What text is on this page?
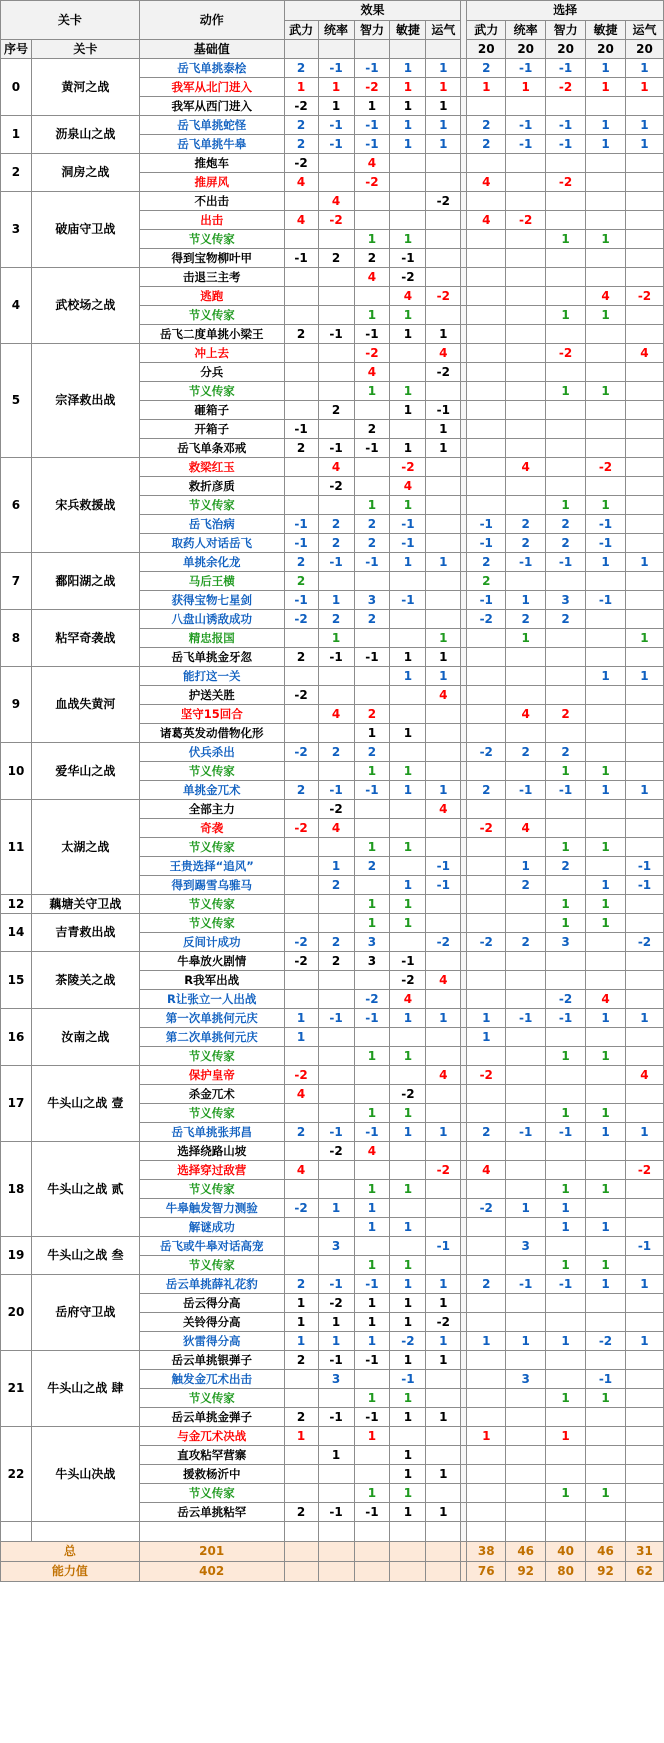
关卡		动作	效果						选择				
			武力	统率	智力	敏捷	运气		武力	统率	智力	敏捷	运气
序号	关卡	基础值							20	20	20	20	20
0	黄河之战	岳飞单挑泰桧	2	-1	-1	1	1		2	-1	-1	1	1
		我军从北门进入	1	1	-2	1	1		1	1	-2	1	1
		我军从西门进入	-2	1	1	1	1						
1	沥泉山之战	岳飞单挑蛇怪	2	-1	-1	1	1		2	-1	-1	1	1
		岳飞单挑牛皋	2	-1	-1	1	1		2	-1	-1	1	1
2	洞房之战	推炮车	-2		4								
		推屏风	4		-2				4		-2		
3	破庙守卫战	不出击		4			-2						
		出击	4	-2					4	-2			
		节义传家			1	1					1	1	
		得到宝物柳叶甲	-1	2	2	-1							
4	武校场之战	击退三主考			4	-2							
		逃跑				4	-2					4	-2
		节义传家			1	1					1	1	
		岳飞二度单挑小梁王	2	-1	-1	1	1						
5	宗泽救出战	冲上去			-2		4				-2		4
		分兵			4		-2						
		节义传家			1	1					1	1	
		砸箱子		2		1	-1						
		开箱子	-1		2		1						
		岳飞单条邓戒	2	-1	-1	1	1						
6	宋兵救援战	救梁红玉		4		-2				4		-2	
		救折彦质		-2		4							
		节义传家			1	1					1	1	
		岳飞治病	-1	2	2	-1			-1	2	2	-1	
		取药人对话岳飞	-1	2	2	-1			-1	2	2	-1	
7	鄱阳湖之战	单挑余化龙	2	-1	-1	1	1		2	-1	-1	1	1
		马后王横	2						2				
		获得宝物七星剑	-1	1	3	-1			-1	1	3	-1	
8	粘罕奇袭战	八盘山诱敌成功	-2	2	2				-2	2	2		
		精忠报国		1			1			1			1
		岳飞单挑金牙忽	2	-1	-1	1	1						
9	血战失黄河	能打这一关				1	1					1	1
		护送关胜	-2				4						
		坚守15回合		4	2					4	2		
		诸葛英发动借物化形			1	1							
10	爱华山之战	伏兵杀出	-2	2	2				-2	2	2		
		节义传家			1	1					1	1	
		单挑金兀术	2	-1	-1	1	1		2	-1	-1	1	1
11	太湖之战	全部主力		-2			4						
		奇袭	-2	4					-2	4			
		节义传家			1	1					1	1	
		王贵选择“追风”		1	2		-1			1	2		-1
		得到踢雪乌骓马		2		1	-1			2		1	-1
12	藕塘关守卫战	节义传家			1	1					1	1	
14	吉青救出战	节义传家			1	1					1	1	
		反间计成功	-2	2	3		-2		-2	2	3		-2
15	茶陵关之战	牛皋放火剧情	-2	2	3	-1							
		R我军出战				-2	4						
		R让张立一人出战			-2	4					-2	4	
16	汝南之战	第一次单挑何元庆	1	-1	-1	1	1		1	-1	-1	1	1
		第二次单挑何元庆	1						1				
		节义传家			1	1					1	1	
17	牛头山之战 壹	保护皇帝	-2				4		-2				4
		杀金兀术	4			-2							
		节义传家			1	1					1	1	
		岳飞单挑张邦昌	2	-1	-1	1	1		2	-1	-1	1	1
18	牛头山之战 贰	选择绕路山坡		-2	4								
		选择穿过敌营	4				-2		4				-2
		节义传家			1	1					1	1	
		牛皋触发智力测验	-2	1	1				-2	1	1		
		解谜成功			1	1					1	1	
19	牛头山之战 叁	岳飞或牛皋对话高宠		3			-1			3			-1
		节义传家			1	1					1	1	
20	岳府守卫战	岳云单挑薛礼花豹	2	-1	-1	1	1		2	-1	-1	1	1
		岳云得分高	1	-2	1	1	1						
		关铃得分高	1	1	1	1	-2						
		狄雷得分高	1	1	1	-2	1		1	1	1	-2	1
21	牛头山之战 肆	岳云单挑银弹子	2	-1	-1	1	1						
		触发金兀术出击		3		-1				3		-1	
		节义传家			1	1					1	1	
		岳云单挑金弹子	2	-1	-1	1	1						
22	牛头山决战	与金兀术决战	1		1				1		1		
		直攻粘罕营寨		1		1							
		援救杨沂中				1	1						
		节义传家			1	1					1	1	
		岳云单挑粘罕	2	-1	-1	1	1						

总		201							38	46	40	46	31
能力值		402							76	92	80	92	62
